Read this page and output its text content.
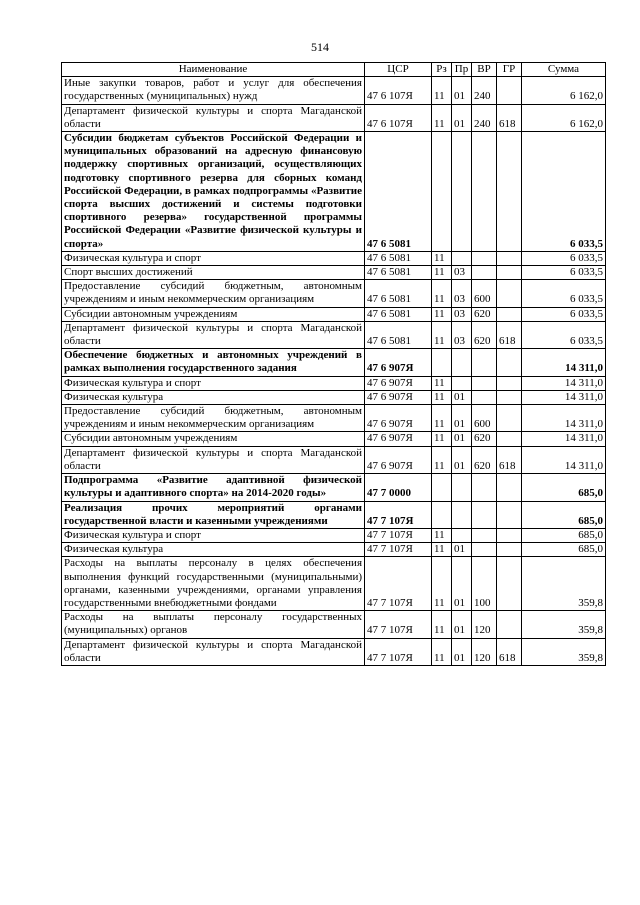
514
Наименование	ЦСР	Рз	Пр	ВР	ГР	Сумма
Иные закупки товаров, работ и услуг для обеспечения государственных (муниципальных) нужд	47 6 107Я	11	01	240		6 162,0
Департамент физической культуры и спорта Магаданской области	47 6 107Я	11	01	240	618	6 162,0
Субсидии бюджетам субъектов Российской Федерации и муниципальных образований на адресную финансовую поддержку спортивных организаций, осуществляющих подготовку спортивного резерва для сборных команд Российской Федерации, в рамках подпрограммы «Развитие спорта высших достижений и системы подготовки спортивного резерва» государственной программы Российской Федерации «Развитие физической культуры и спорта»	47 6 5081					6 033,5
Физическая культура и спорт	47 6 5081	11				6 033,5
Спорт высших достижений	47 6 5081	11	03			6 033,5
Предоставление субсидий бюджетным, автономным учреждениям и иным некоммерческим организациям	47 6 5081	11	03	600		6 033,5
Субсидии автономным учреждениям	47 6 5081	11	03	620		6 033,5
Департамент физической культуры и спорта Магаданской области	47 6 5081	11	03	620	618	6 033,5
Обеспечение бюджетных и автономных учреждений в рамках выполнения государственного задания	47 6 907Я					14 311,0
Физическая культура и спорт	47 6 907Я	11				14 311,0
Физическая культура	47 6 907Я	11	01			14 311,0
Предоставление субсидий бюджетным, автономным учреждениям и иным некоммерческим организациям	47 6 907Я	11	01	600		14 311,0
Субсидии автономным учреждениям	47 6 907Я	11	01	620		14 311,0
Департамент физической культуры и спорта Магаданской области	47 6 907Я	11	01	620	618	14 311,0
Подпрограмма «Развитие адаптивной физической культуры и адаптивного спорта» на 2014-2020 годы»	47 7 0000					685,0
Реализация прочих мероприятий органами государственной власти и казенными учреждениями	47 7 107Я					685,0
Физическая культура и спорт	47 7 107Я	11				685,0
Физическая культура	47 7 107Я	11	01			685,0
Расходы на выплаты персоналу в целях обеспечения выполнения функций государственными (муниципальными) органами, казенными учреждениями, органами управления государственными внебюджетными фондами	47 7 107Я	11	01	100		359,8
Расходы на выплаты персоналу государственных (муниципальных) органов	47 7 107Я	11	01	120		359,8
Департамент физической культуры и спорта Магаданской области	47 7 107Я	11	01	120	618	359,8
